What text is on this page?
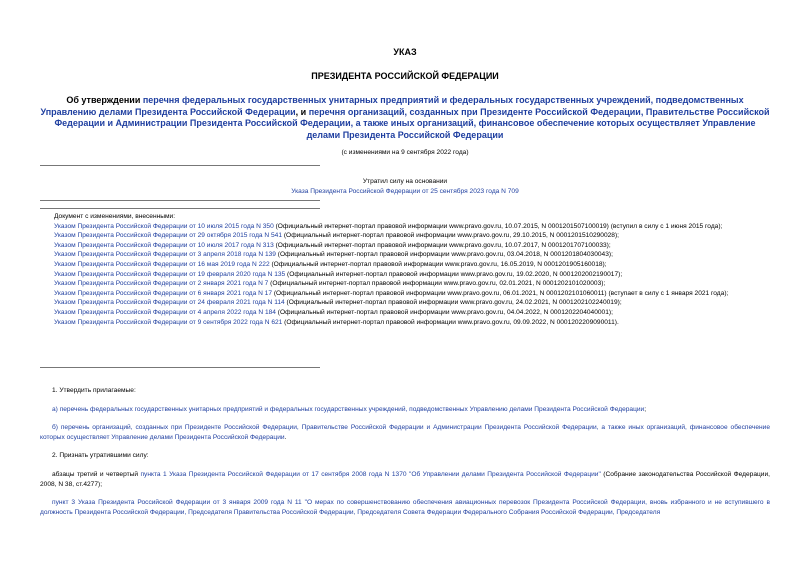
УКАЗ
ПРЕЗИДЕНТА РОССИЙСКОЙ ФЕДЕРАЦИИ
Об утверждении перечня федеральных государственных унитарных предприятий и федеральных государственных учреждений, подведомственных Управлению делами Президента Российской Федерации, и перечня организаций, созданных при Президенте Российской Федерации, Правительстве Российской Федерации и Администрации Президента Российской Федерации, а также иных организаций, финансовое обеспечение которых осуществляет Управление делами Президента Российской Федерации
(с изменениями на 9 сентября 2022 года)
Утратил силу на основании
Указа Президента Российской Федерации от 25 сентября 2023 года N 709

Документ с изменениями, внесенными:

Указом Президента Российской Федерации от 10 июля 2015 года N 350 (Официальный интернет-портал правовой информации www.pravo.gov.ru, 10.07.2015, N 0001201507100019) (вступил в силу с 1 июня 2015 года);

Указом Президента Российской Федерации от 29 октября 2015 года N 541 (Официальный интернет-портал правовой информации www.pravo.gov.ru, 29.10.2015, N 0001201510290028);

Указом Президента Российской Федерации от 10 июля 2017 года N 313 (Официальный интернет-портал правовой информации www.pravo.gov.ru, 10.07.2017, N 0001201707100033);

Указом Президента Российской Федерации от 3 апреля 2018 года N 139 (Официальный интернет-портал правовой информации www.pravo.gov.ru, 03.04.2018, N 0001201804030043);

Указом Президента Российской Федерации от 16 мая 2019 года N 222 (Официальный интернет-портал правовой информации www.pravo.gov.ru, 16.05.2019, N 0001201905160018);

Указом Президента Российской Федерации от 19 февраля 2020 года N 135 (Официальный интернет-портал правовой информации www.pravo.gov.ru, 19.02.2020, N 0001202002190017);

Указом Президента Российской Федерации от 2 января 2021 года N 7 (Официальный интернет-портал правовой информации www.pravo.gov.ru, 02.01.2021, N 0001202101020003);

Указом Президента Российской Федерации от 6 января 2021 года N 17 (Официальный интернет-портал правовой информации www.pravo.gov.ru, 06.01.2021, N 0001202101060011) (вступает в силу с 1 января 2021 года);

Указом Президента Российской Федерации от 24 февраля 2021 года N 114 (Официальный интернет-портал правовой информации www.pravo.gov.ru, 24.02.2021, N 0001202102240019);

Указом Президента Российской Федерации от 4 апреля 2022 года N 184 (Официальный интернет-портал правовой информации www.pravo.gov.ru, 04.04.2022, N 0001202204040001);

Указом Президента Российской Федерации от 9 сентября 2022 года N 621 (Официальный интернет-портал правовой информации www.pravo.gov.ru, 09.09.2022, N 0001202209090011).

1. Утвердить прилагаемые:

а) перечень федеральных государственных унитарных предприятий и федеральных государственных учреждений, подведомственных Управлению делами Президента Российской Федерации;

б) перечень организаций, созданных при Президенте Российской Федерации, Правительстве Российской Федерации и Администрации Президента Российской Федерации, а также иных организаций, финансовое обеспечение которых осуществляет Управление делами Президента Российской Федерации.

2. Признать утратившими силу:

абзацы третий и четвертый пункта 1 Указа Президента Российской Федерации от 17 сентября 2008 года N 1370 "Об Управлении делами Президента Российской Федерации" (Собрание законодательства Российской Федерации, 2008, N 38, ст.4277);

пункт 3 Указа Президента Российской Федерации от 3 января 2009 года N 11 "О мерах по совершенствованию обеспечения авиационных перевозок Президента Российской Федерации, вновь избранного и не вступившего в должность Президента Российской Федерации, Председателя Правительства Российской Федерации, Председателя Совета Федерации Федерального Собрания Российской Федерации, Председателя
